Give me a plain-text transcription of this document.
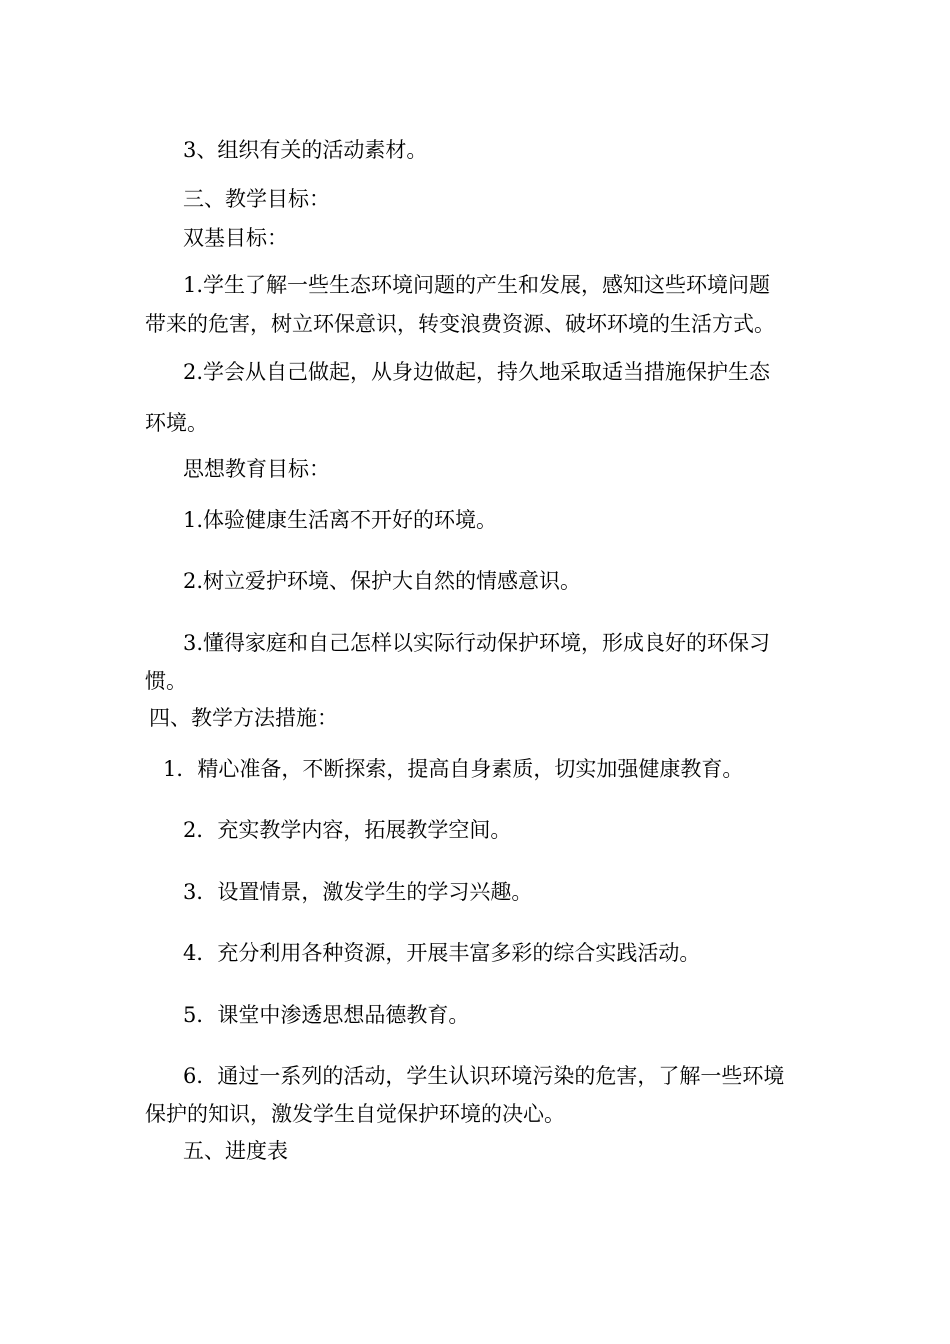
3、组织有关的活动素材。
三、教学目标：
双基目标：
1.学生了解一些生态环境问题的产生和发展，感知这些环境问题
带来的危害，树立环保意识，转变浪费资源、破坏环境的生活方式。
2.学会从自己做起，从身边做起，持久地采取适当措施保护生态
环境。
思想教育目标：
1.体验健康生活离不开好的环境。
2.树立爱护环境、保护大自然的情感意识。
3.懂得家庭和自己怎样以实际行动保护环境，形成良好的环保习
惯。
四、教学方法措施：
1．精心准备，不断探索，提高自身素质，切实加强健康教育。
2．充实教学内容，拓展教学空间。
3．设置情景，激发学生的学习兴趣。
4．充分利用各种资源，开展丰富多彩的综合实践活动。
5．课堂中渗透思想品德教育。
6．通过一系列的活动，学生认识环境污染的危害，了解一些环境
保护的知识，激发学生自觉保护环境的决心。
五、进度表
